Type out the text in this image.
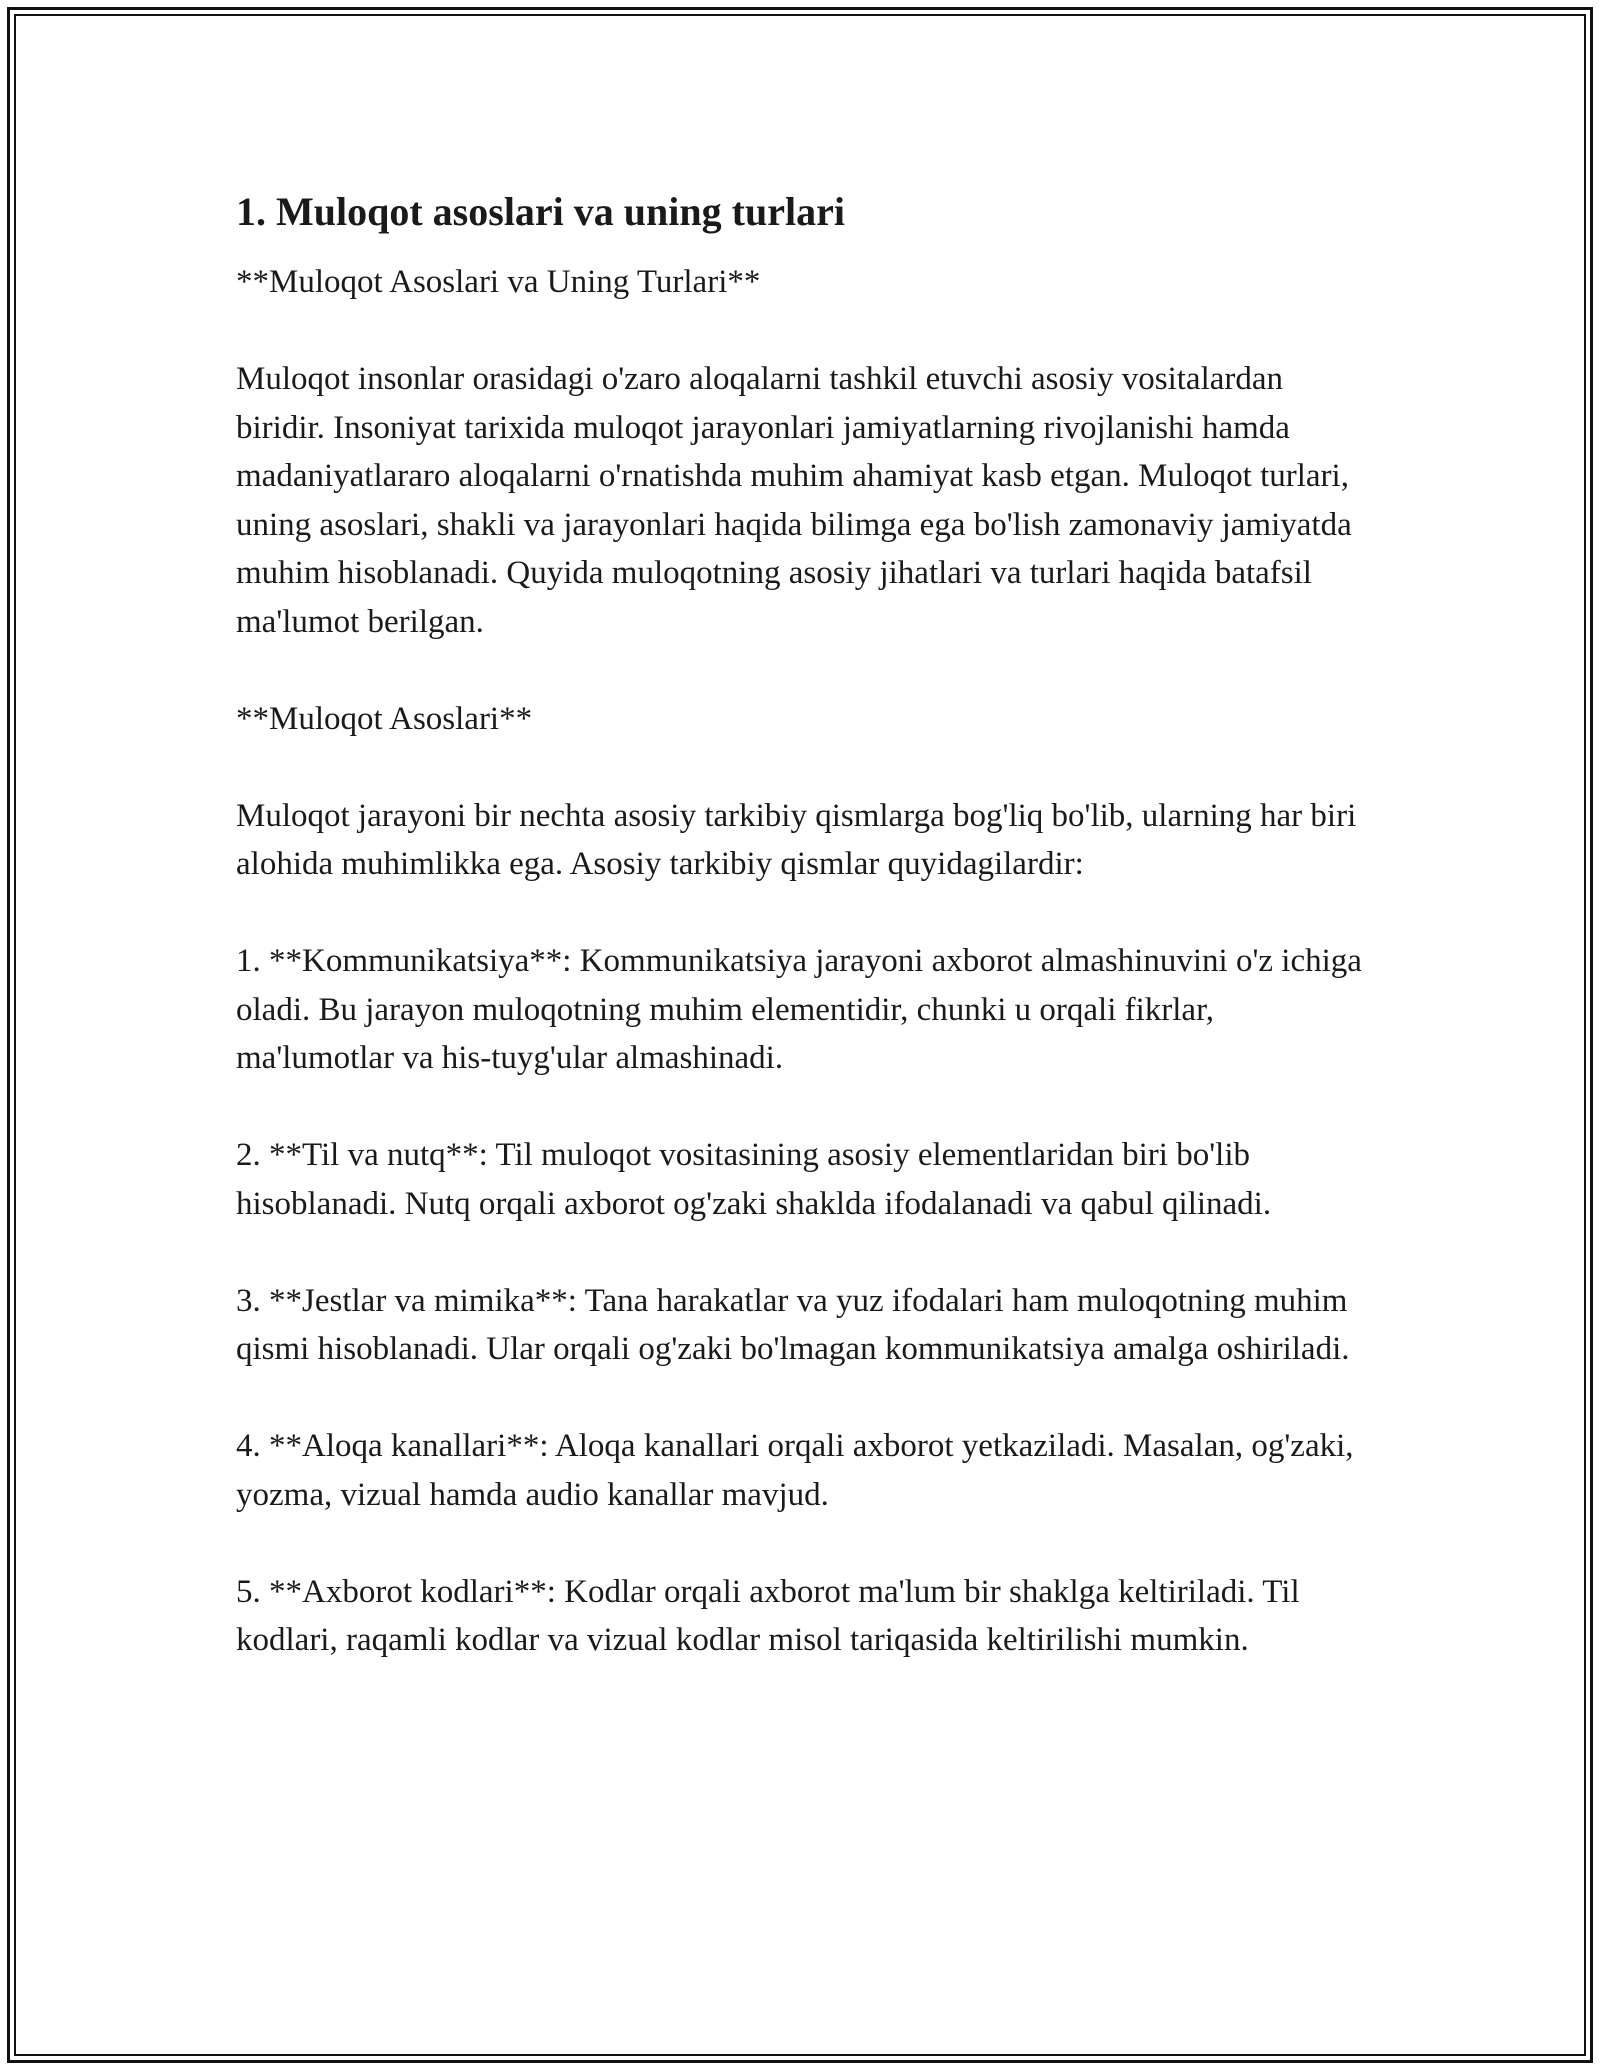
1. Muloqot asoslari va uning turlari

**Muloqot Asoslari va Uning Turlari**

Muloqot insonlar orasidagi o'zaro aloqalarni tashkil etuvchi asosiy vositalardan biridir. Insoniyat tarixida muloqot jarayonlari jamiyatlarning rivojlanishi hamda madaniyatlararo aloqalarni o'rnatishda muhim ahamiyat kasb etgan. Muloqot turlari, uning asoslari, shakli va jarayonlari haqida bilimga ega bo'lish zamonaviy jamiyatda muhim hisoblanadi. Quyida muloqotning asosiy jihatlari va turlari haqida batafsil ma'lumot berilgan.

**Muloqot Asoslari**

Muloqot jarayoni bir nechta asosiy tarkibiy qismlarga bog'liq bo'lib, ularning har biri alohida muhimlikka ega. Asosiy tarkibiy qismlar quyidagilardir:

1. **Kommunikatsiya**: Kommunikatsiya jarayoni axborot almashinuvini o'z ichiga oladi. Bu jarayon muloqotning muhim elementidir, chunki u orqali fikrlar, ma'lumotlar va his-tuyg'ular almashinadi.

2. **Til va nutq**: Til muloqot vositasining asosiy elementlaridan biri bo'lib hisoblanadi. Nutq orqali axborot og'zaki shaklda ifodalanadi va qabul qilinadi.

3. **Jestlar va mimika**: Tana harakatlar va yuz ifodalari ham muloqotning muhim qismi hisoblanadi. Ular orqali og'zaki bo'lmagan kommunikatsiya amalga oshiriladi.

4. **Aloqa kanallari**: Aloqa kanallari orqali axborot yetkaziladi. Masalan, og'zaki, yozma, vizual hamda audio kanallar mavjud.

5. **Axborot kodlari**: Kodlar orqali axborot ma'lum bir shaklga keltiriladi. Til kodlari, raqamli kodlar va vizual kodlar misol tariqasida keltirilishi mumkin.
